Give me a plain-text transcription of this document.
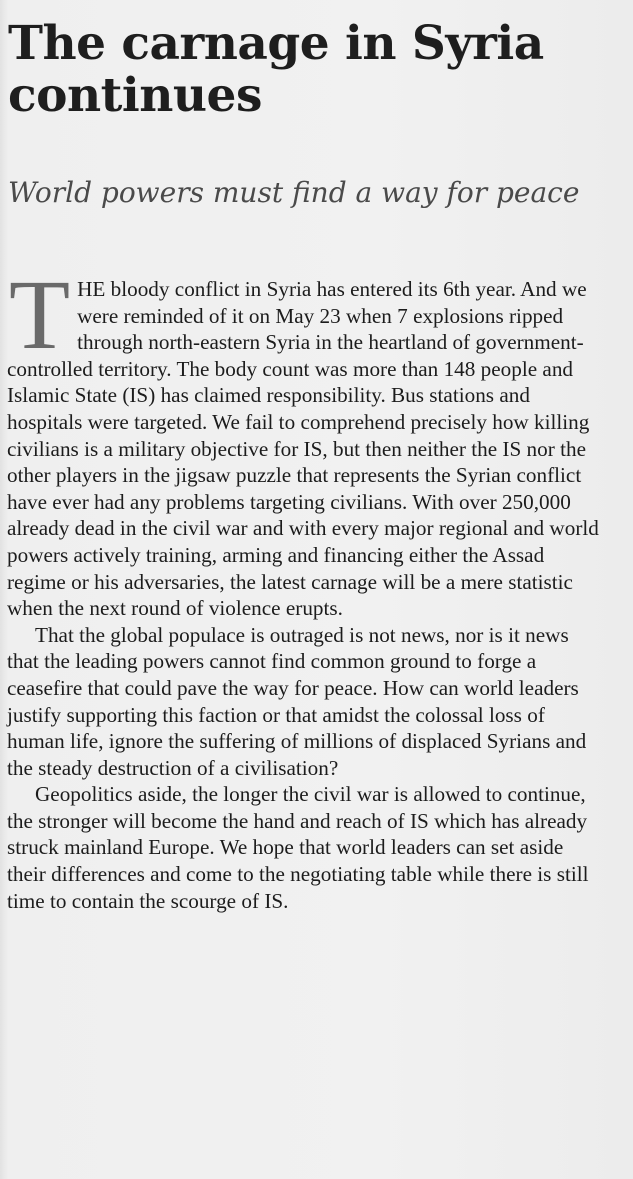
The carnage in Syria continues
World powers must find a way for peace

THE bloody conflict in Syria has entered its 6th year. And we were reminded of it on May 23 when 7 explosions ripped through north-eastern Syria in the heartland of government-controlled territory. The body count was more than 148 people and Islamic State (IS) has claimed responsibility. Bus stations and hospitals were targeted. We fail to comprehend precisely how killing civilians is a military objective for IS, but then neither the IS nor the other players in the jigsaw puzzle that represents the Syrian conflict have ever had any problems targeting civilians. With over 250,000 already dead in the civil war and with every major regional and world powers actively training, arming and financing either the Assad regime or his adversaries, the latest carnage will be a mere statistic when the next round of violence erupts.

That the global populace is outraged is not news, nor is it news that the leading powers cannot find common ground to forge a ceasefire that could pave the way for peace. How can world leaders justify supporting this faction or that amidst the colossal loss of human life, ignore the suffering of millions of displaced Syrians and the steady destruction of a civilisation?

Geopolitics aside, the longer the civil war is allowed to continue, the stronger will become the hand and reach of IS which has already struck mainland Europe. We hope that world leaders can set aside their differences and come to the negotiating table while there is still time to contain the scourge of IS.
